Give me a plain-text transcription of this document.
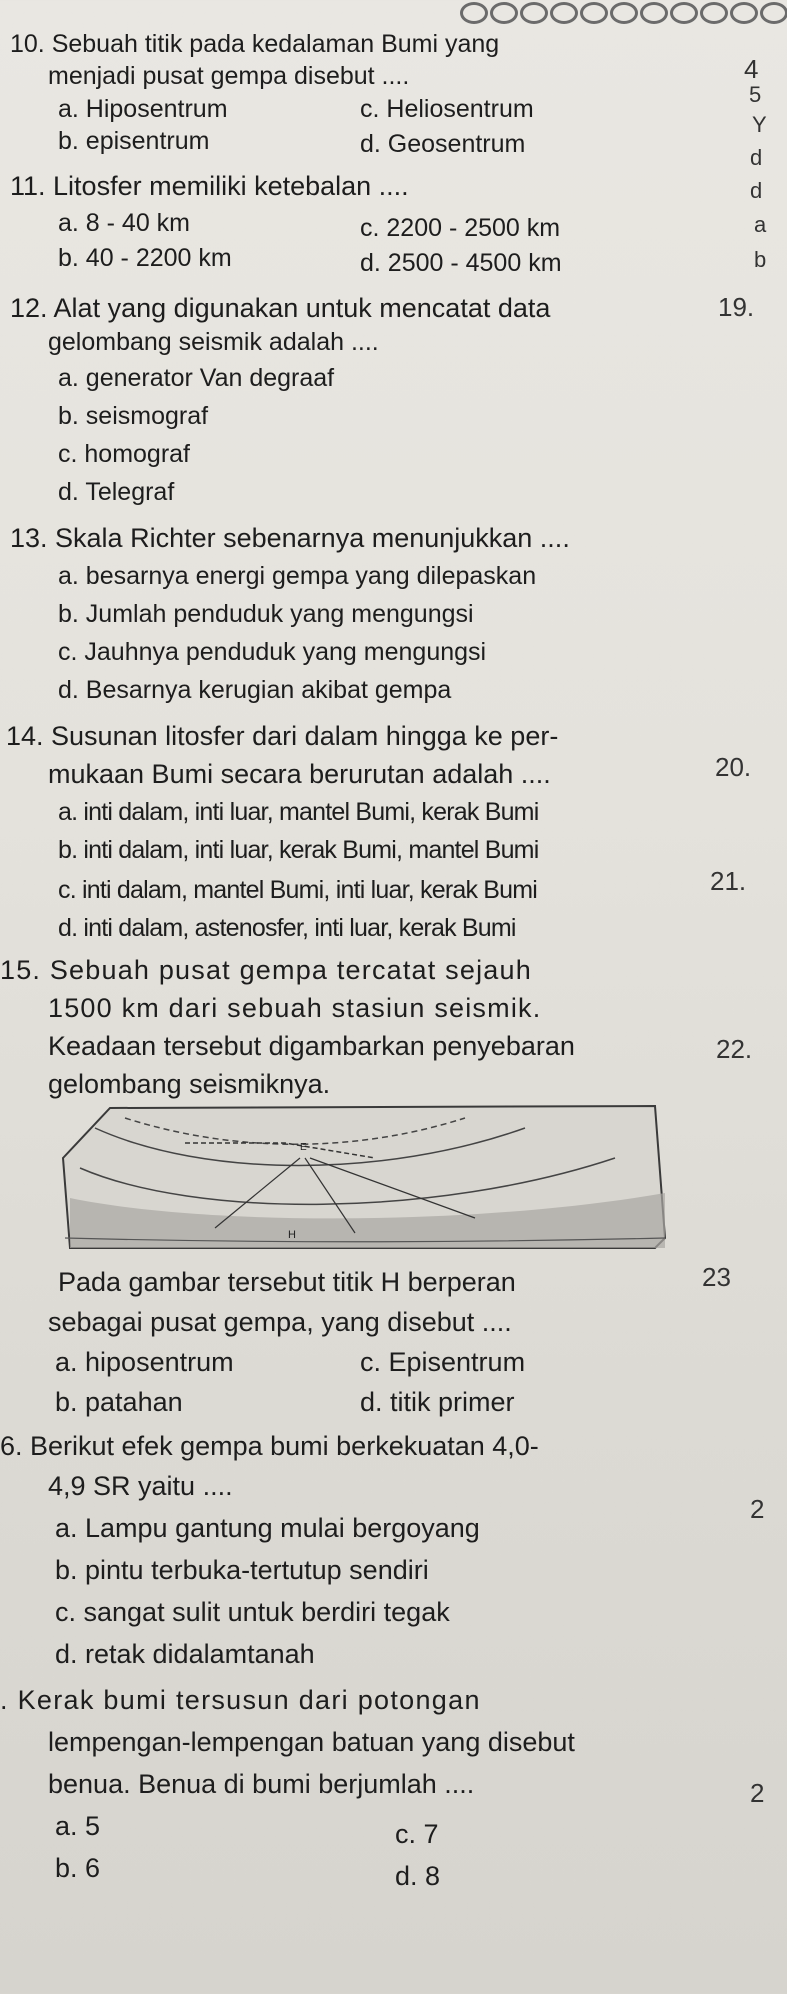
10. Sebuah titik pada kedalaman Bumi yang
menjadi pusat gempa disebut ....
a. Hiposentrum	c. Heliosentrum
b. episentrum	d. Geosentrum
11. Litosfer memiliki ketebalan ....
a. 8 - 40 km	c. 2200 - 2500 km
b. 40 - 2200 km	d. 2500 - 4500 km
12. Alat yang digunakan untuk mencatat data
gelombang seismik adalah ....
a. generator Van degraaf
b. seismograf
c. homograf
d. Telegraf
13. Skala Richter sebenarnya menunjukkan ....
a. besarnya energi gempa yang dilepaskan
b. Jumlah penduduk yang mengungsi
c. Jauhnya penduduk yang mengungsi
d. Besarnya kerugian akibat gempa
14. Susunan litosfer dari dalam hingga ke per-
mukaan Bumi secara berurutan adalah ....
a. inti dalam, inti luar, mantel Bumi, kerak Bumi
b. inti dalam, inti luar, kerak Bumi, mantel Bumi
c. inti dalam, mantel Bumi, inti luar, kerak Bumi
d. inti dalam, astenosfer, inti luar, kerak Bumi
15. Sebuah pusat gempa tercatat sejauh
1500 km dari sebuah stasiun seismik.
Keadaan tersebut digambarkan penyebaran
gelombang seismiknya.
H
E
Pada gambar tersebut titik H berperan
sebagai pusat gempa, yang disebut ....
a. hiposentrum	c. Episentrum
b. patahan	d. titik primer
6. Berikut efek gempa bumi berkekuatan 4,0-
4,9 SR yaitu ....
a. Lampu gantung mulai bergoyang
b. pintu terbuka-tertutup sendiri
c. sangat sulit untuk berdiri tegak
d. retak didalamtanah
. Kerak bumi tersusun dari potongan
lempengan-lempengan batuan yang disebut
benua. Benua di bumi berjumlah ....
a. 5	c. 7
b. 6	d. 8
4
5
Y
d
d
a
b
19.
20.
21.
22.
23
2
2
